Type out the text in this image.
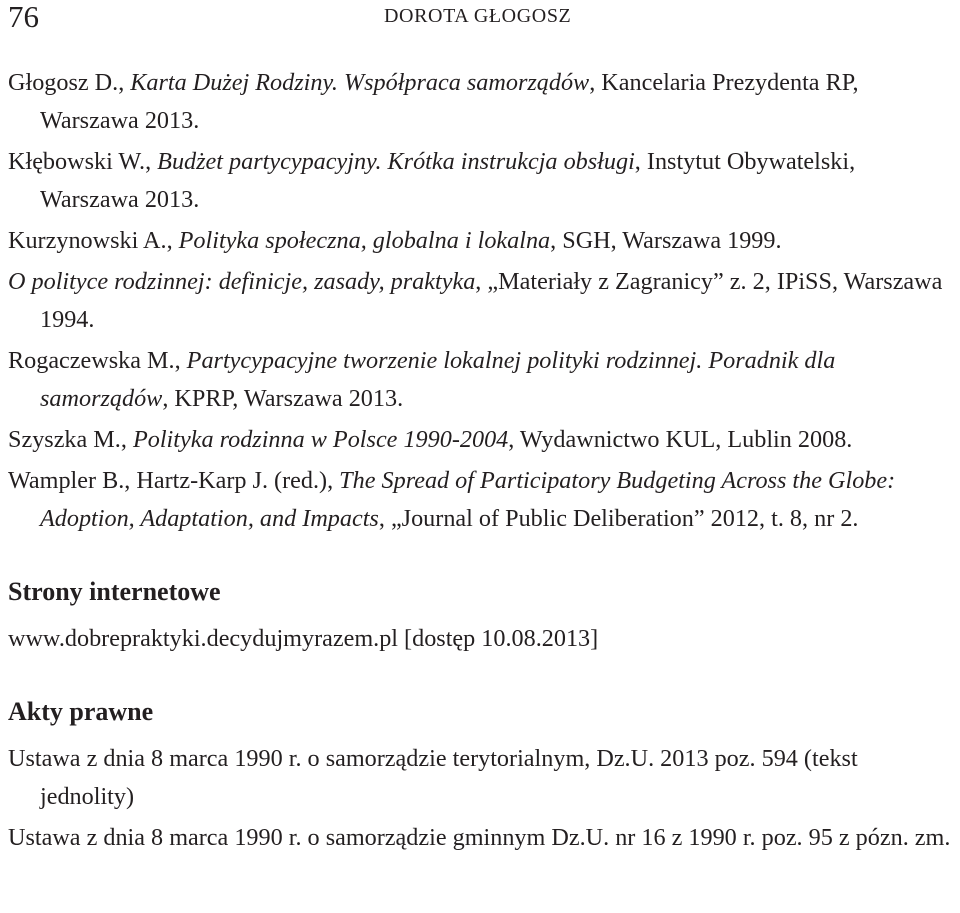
76	DOROTA GŁOGOSZ

Głogosz D., Karta Dużej Rodziny. Współpraca samorządów, Kancelaria Prezydenta RP, Warszawa 2013.

Kłębowski W., Budżet partycypacyjny. Krótka instrukcja obsługi, Instytut Obywatelski, Warszawa 2013.

Kurzynowski A., Polityka społeczna, globalna i lokalna, SGH, Warszawa 1999.

O polityce rodzinnej: definicje, zasady, praktyka, „Materiały z Zagranicy” z. 2, IPiSS, Warszawa 1994.

Rogaczewska M., Partycypacyjne tworzenie lokalnej polityki rodzinnej. Poradnik dla samorządów, KPRP, Warszawa 2013.

Szyszka M., Polityka rodzinna w Polsce 1990-2004, Wydawnictwo KUL, Lublin 2008.

Wampler B., Hartz-Karp J. (red.), The Spread of Participatory Budgeting Across the Globe: Adoption, Adaptation, and Impacts, „Journal of Public Deliberation” 2012, t. 8, nr 2.

Strony internetowe

www.dobrepraktyki.decydujmyrazem.pl [dostęp 10.08.2013]

Akty prawne

Ustawa z dnia 8 marca 1990 r. o samorządzie terytorialnym, Dz.U. 2013 poz. 594 (tekst jednolity)

Ustawa z dnia 8 marca 1990 r. o samorządzie gminnym Dz.U. nr 16 z 1990 r. poz. 95 z pózn. zm.
